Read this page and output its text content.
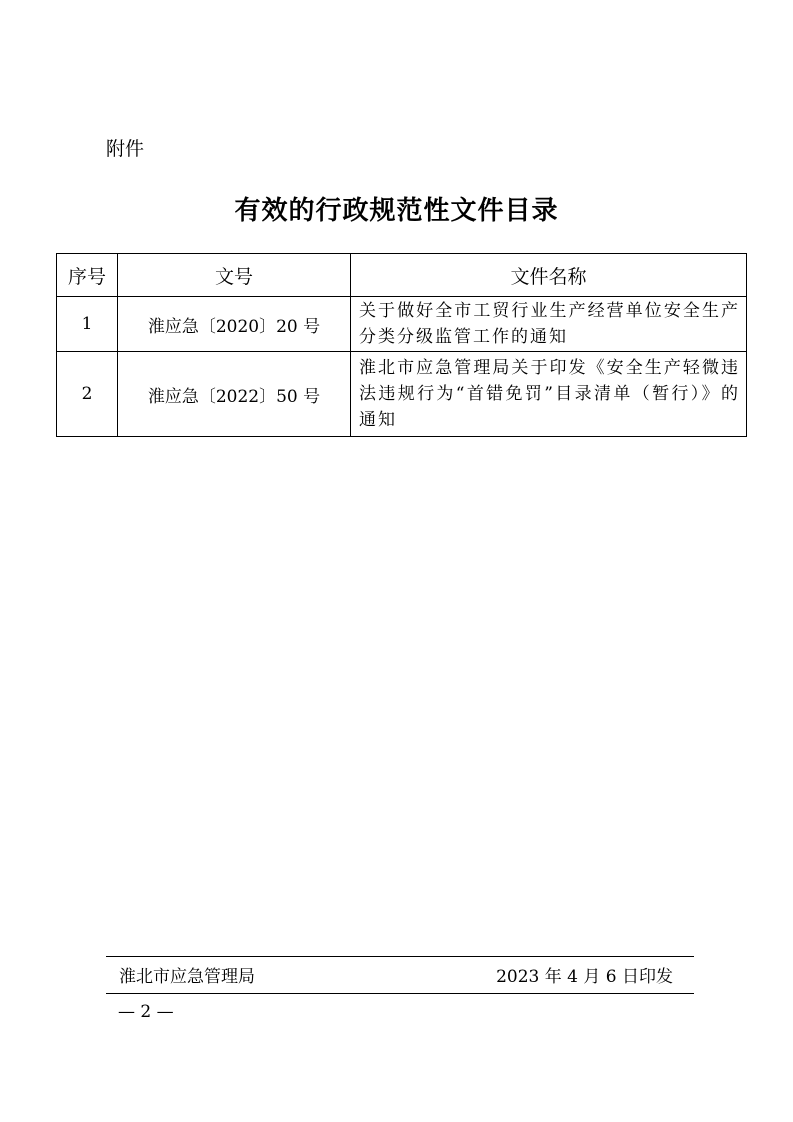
附件
有效的行政规范性文件目录
序号	文号	文件名称
1	淮应急〔2020〕20 号	关于做好全市工贸行业生产经营单位安全生产分类分级监管工作的通知
2	淮应急〔2022〕50 号	淮北市应急管理局关于印发《安全生产轻微违法违规行为“首错免罚”目录清单（暂行）》的通知
淮北市应急管理局	2023 年 4 月 6 日印发
— 2 —
